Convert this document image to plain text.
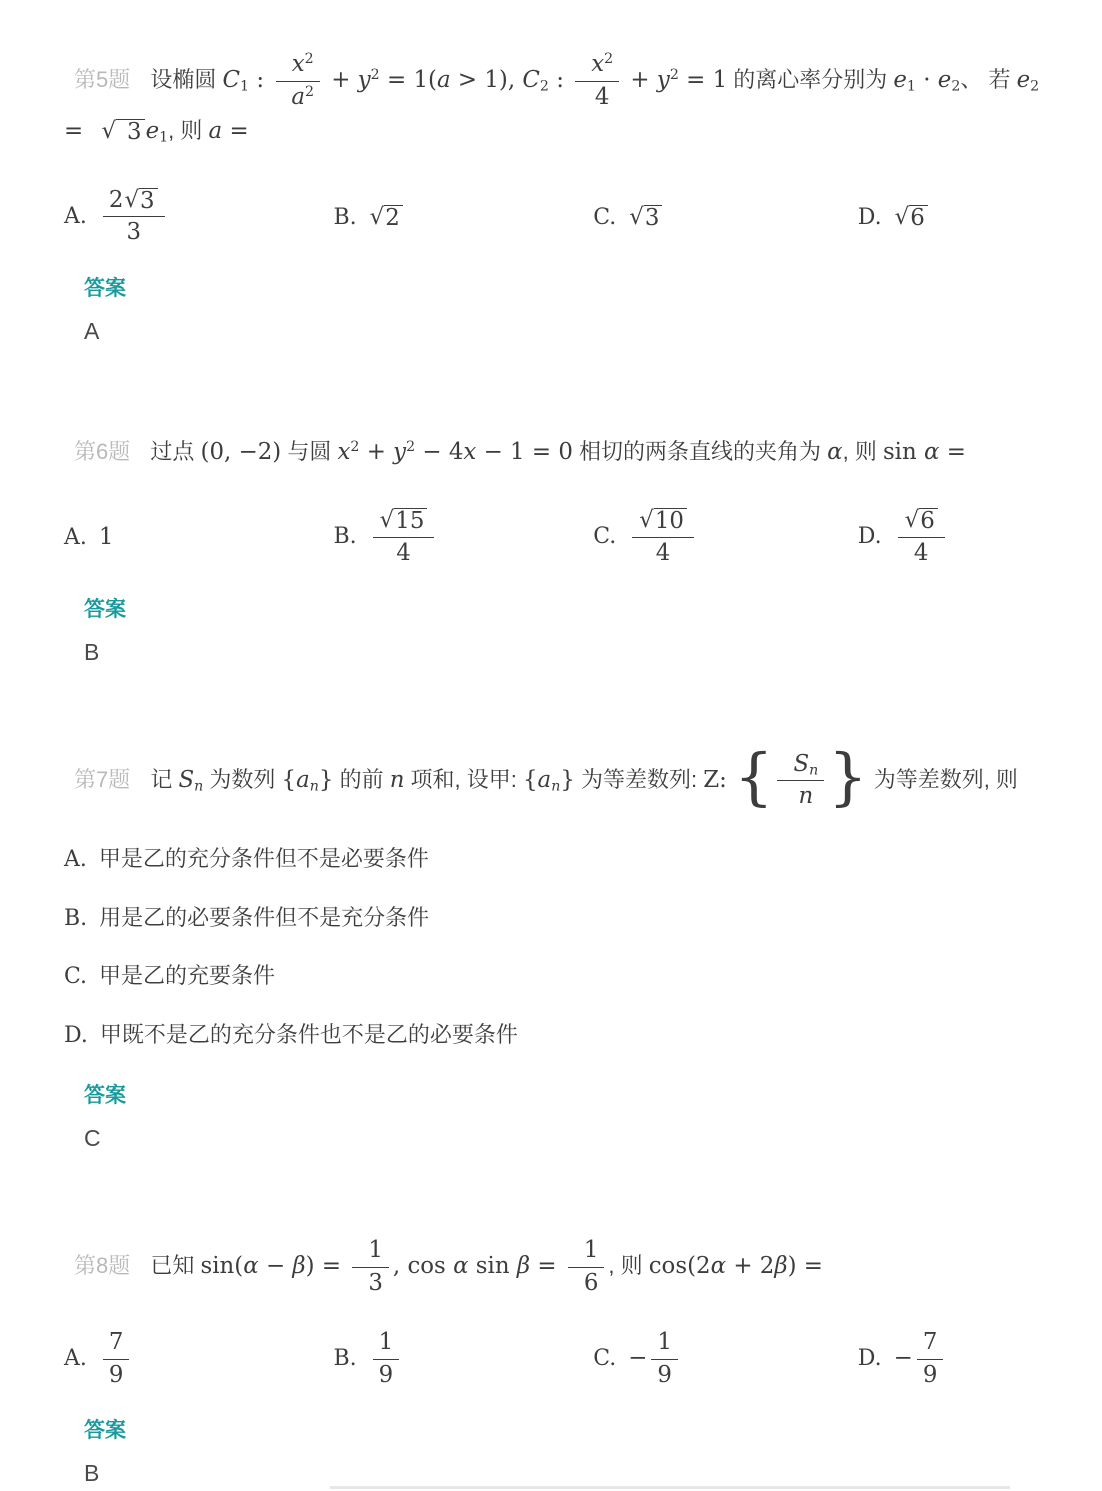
第5题 设椭圆 $C_1$ : $\frac{x^2}{a^2} + y^2 = 1(a > 1)$, $C_2$ : $\frac{x^2}{4} + y^2 = 1$ 的离心率分别为 $e_1 \cdot e_2$、 若 $e_2$ = √ 3 $e_1$, 则 a =
A. $\frac{2 √ 3}{3}$	B. √ 2	C. √ 3	D. √ 6
答案
A
第6题 过点 (0, −2) 与圆 $x^2 + y^2 - 4x - 1 = 0$ 相切的两条直线的夹角为 α, 则 sin α =
A. 1	B. $\frac{√ 15}{4}$	C. $\frac{√ 10}{4}$	D. $\frac{√ 6}{4}$
答案
B
第7题 记 $S_n$ 为数列 $\{a_n\}$ 的前 n 项和, 设甲: $\{a_n\}$ 为等差数列: Z: { $\frac{S_n}{n}$ } 为等差数列, 则
A. 甲是乙的充分条件但不是必要条件
B. 用是乙的必要条件但不是充分条件
C. 甲是乙的充要条件
D. 甲既不是乙的充分条件也不是乙的必要条件
答案
C
第8题 已知 $\sin(\alpha - \beta) = \frac{1}{3}$ , cos α $\sin \beta = \frac{1}{6}$ , 则 cos(2α + 2β) =
A. $\frac{7}{9}$	B. $\frac{1}{9}$	C. − $\frac{1}{9}$	D. − $\frac{7}{9}$
答案
B
